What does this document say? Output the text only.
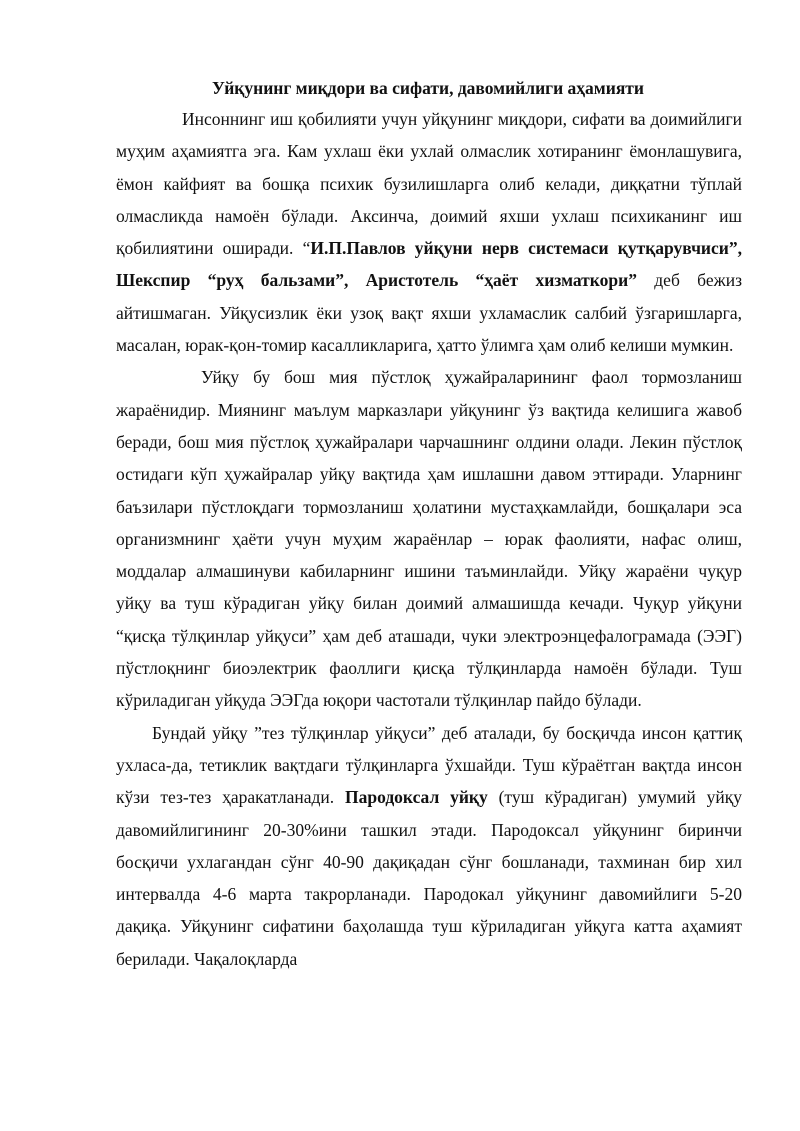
Уйқунинг миқдори ва сифати, давомийлиги аҳамияти

Инсоннинг иш қобилияти учун уйқунинг миқдори, сифати ва доимийлиги муҳим аҳамиятга эга. Кам ухлаш ёки ухлай олмаслик хотиранинг ёмонлашувига, ёмон кайфият ва бошқа психик бузилишларга олиб келади, диққатни тўплай олмасликда намоён бўлади. Аксинча, доимий яхши ухлаш психиканинг иш қобилиятини оширади. “И.П.Павлов уйқуни нерв системаси қутқарувчиси”, Шекспир “руҳ бальзами”, Аристотель “ҳаёт хизматкори” деб бежиз айтишмаган. Уйқусизлик ёки узоқ вақт яхши ухламаслик салбий ўзгаришларга, масалан, юрак-қон-томир касалликларига, ҳатто ўлимга ҳам олиб келиши мумкин.

Уйқу бу бош мия пўстлоқ ҳужайраларининг фаол тормозланиш жараёнидир. Миянинг маълум марказлари уйқунинг ўз вақтида келишига жавоб беради, бош мия пўстлоқ ҳужайралари чарчашнинг олдини олади. Лекин пўстлоқ остидаги кўп ҳужайралар уйқу вақтида ҳам ишлашни давом эттиради. Уларнинг баъзилари пўстлоқдаги тормозланиш ҳолатини мустаҳкамлайди, бошқалари эса организмнинг ҳаёти учун муҳим жараёнлар – юрак фаолияти, нафас олиш, моддалар алмашинуви кабиларнинг ишини таъминлайди. Уйқу жараёни чуқур уйқу ва туш кўрадиган уйқу билан доимий алмашишда кечади. Чуқур уйқуни “қисқа тўлқинлар уйқуси” ҳам деб аташади, чуки электроэнцефалограмада (ЭЭГ) пўстлоқнинг биоэлектрик фаоллиги қисқа тўлқинларда намоён бўлади. Туш кўриладиган уйқуда ЭЭГда юқори частотали тўлқинлар пайдо бўлади.

Бундай уйқу ”тез тўлқинлар уйқуси” деб аталади, бу босқичда инсон қаттиқ ухласа-да, тетиклик вақтдаги тўлқинларга ўхшайди. Туш кўраётган вақтда инсон кўзи тез-тез ҳаракатланади. Пародоксал уйқу (туш кўрадиган) умумий уйқу давомийлигининг 20-30%ини ташкил этади. Пародоксал уйқунинг биринчи босқичи ухлагандан сўнг 40-90 дақиқадан сўнг бошланади, тахминан бир хил интервалда 4-6 марта такрорланади. Пародокал уйқунинг давомийлиги 5-20 дақиқа. Уйқунинг сифатини баҳолашда туш кўриладиган уйқуга катта аҳамият берилади. Чақалоқларда
